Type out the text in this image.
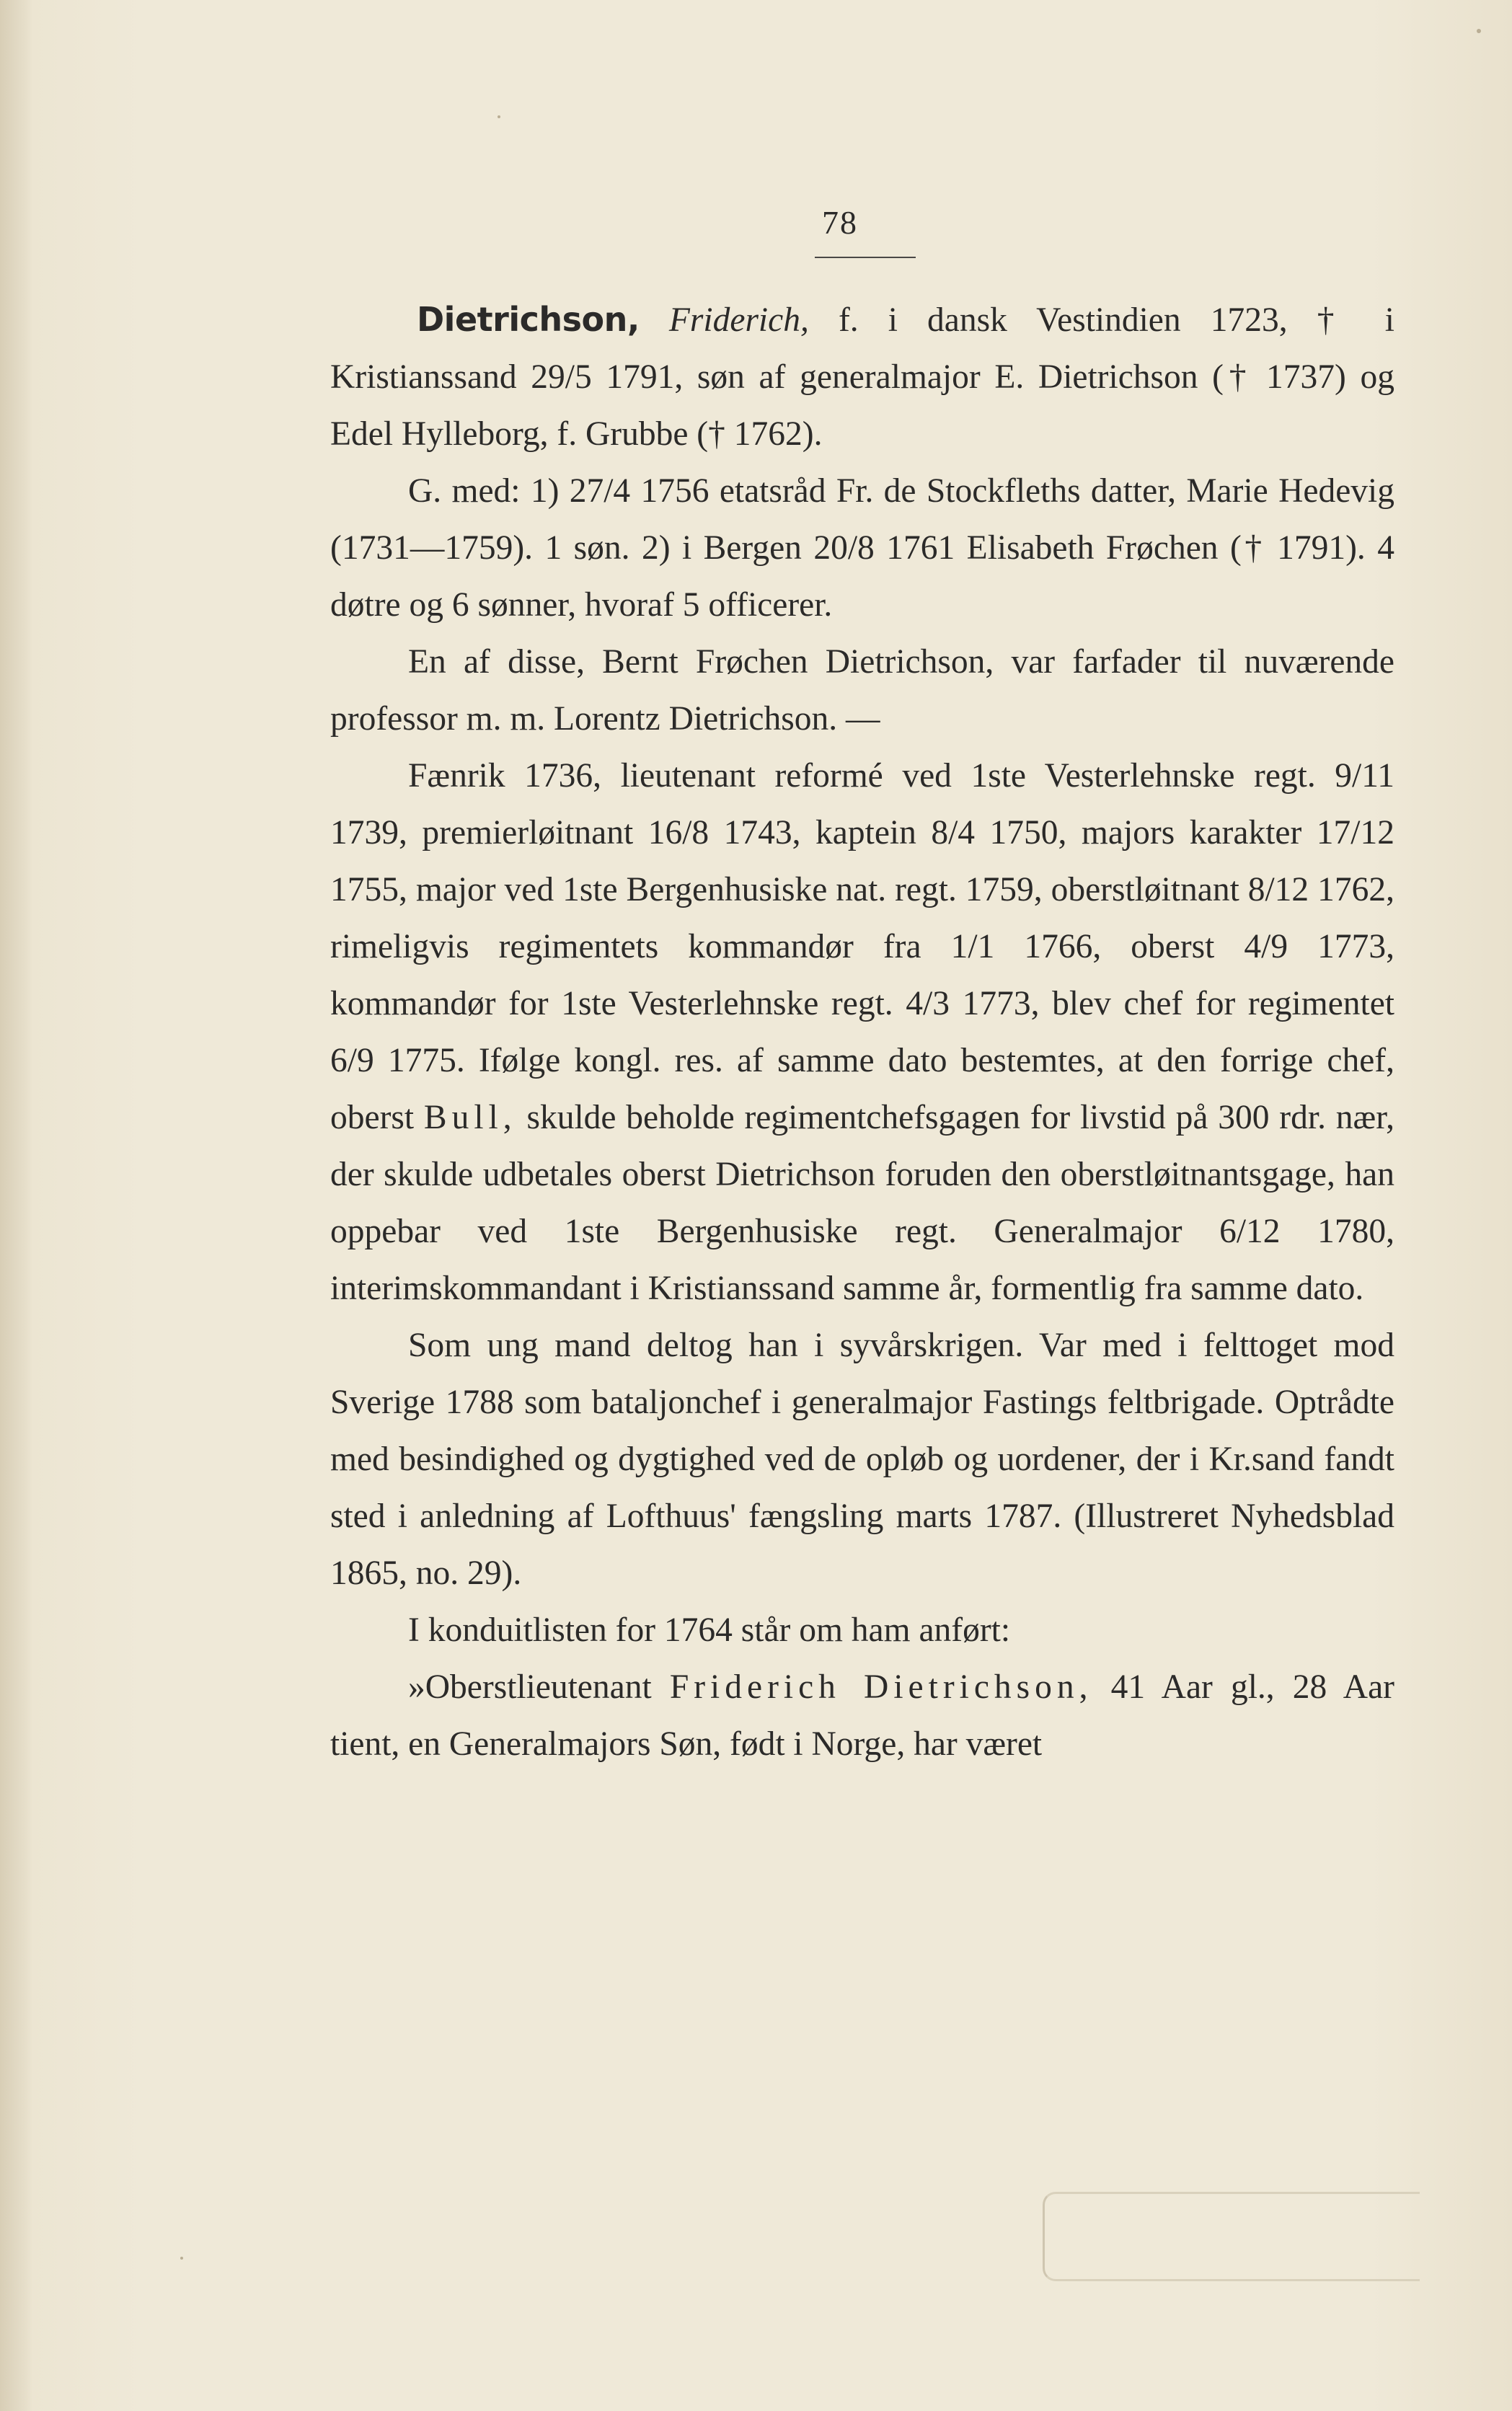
78

Dietrichson, Friderich, f. i dansk Vestindien 1723, † i Kristianssand 29/5 1791, søn af generalmajor E. Dietrichson († 1737) og Edel Hylleborg, f. Grubbe († 1762).

G. med: 1) 27/4 1756 etatsråd Fr. de Stockfleths datter, Marie Hedevig (1731—1759). 1 søn. 2) i Bergen 20/8 1761 Elisabeth Frøchen († 1791). 4 døtre og 6 sønner, hvoraf 5 officerer.

En af disse, Bernt Frøchen Dietrichson, var farfader til nuværende professor m. m. Lorentz Dietrichson. —

Fænrik 1736, lieutenant reformé ved 1ste Vesterlehnske regt. 9/11 1739, premierløitnant 16/8 1743, kaptein 8/4 1750, majors karakter 17/12 1755, major ved 1ste Bergenhusiske nat. regt. 1759, oberstløitnant 8/12 1762, rimeligvis regimentets kommandør fra 1/1 1766, oberst 4/9 1773, kommandør for 1ste Vesterlehnske regt. 4/3 1773, blev chef for regimentet 6/9 1775. Ifølge kongl. res. af samme dato bestemtes, at den forrige chef, oberst Bull, skulde beholde regimentchefsgagen for livstid på 300 rdr. nær, der skulde udbetales oberst Dietrichson foruden den oberstløitnantsgage, han oppebar ved 1ste Bergenhusiske regt. Generalmajor 6/12 1780, interimskommandant i Kristianssand samme år, formentlig fra samme dato.

Som ung mand deltog han i syvårskrigen. Var med i felttoget mod Sverige 1788 som bataljonchef i generalmajor Fastings feltbrigade. Optrådte med besindighed og dygtighed ved de opløb og uordener, der i Kr.sand fandt sted i anledning af Lofthuus' fængsling marts 1787. (Illustreret Nyhedsblad 1865, no. 29).

I konduitlisten for 1764 står om ham anført:

»Oberstlieutenant Friderich Dietrichson, 41 Aar gl., 28 Aar tient, en Generalmajors Søn, født i Norge, har været
